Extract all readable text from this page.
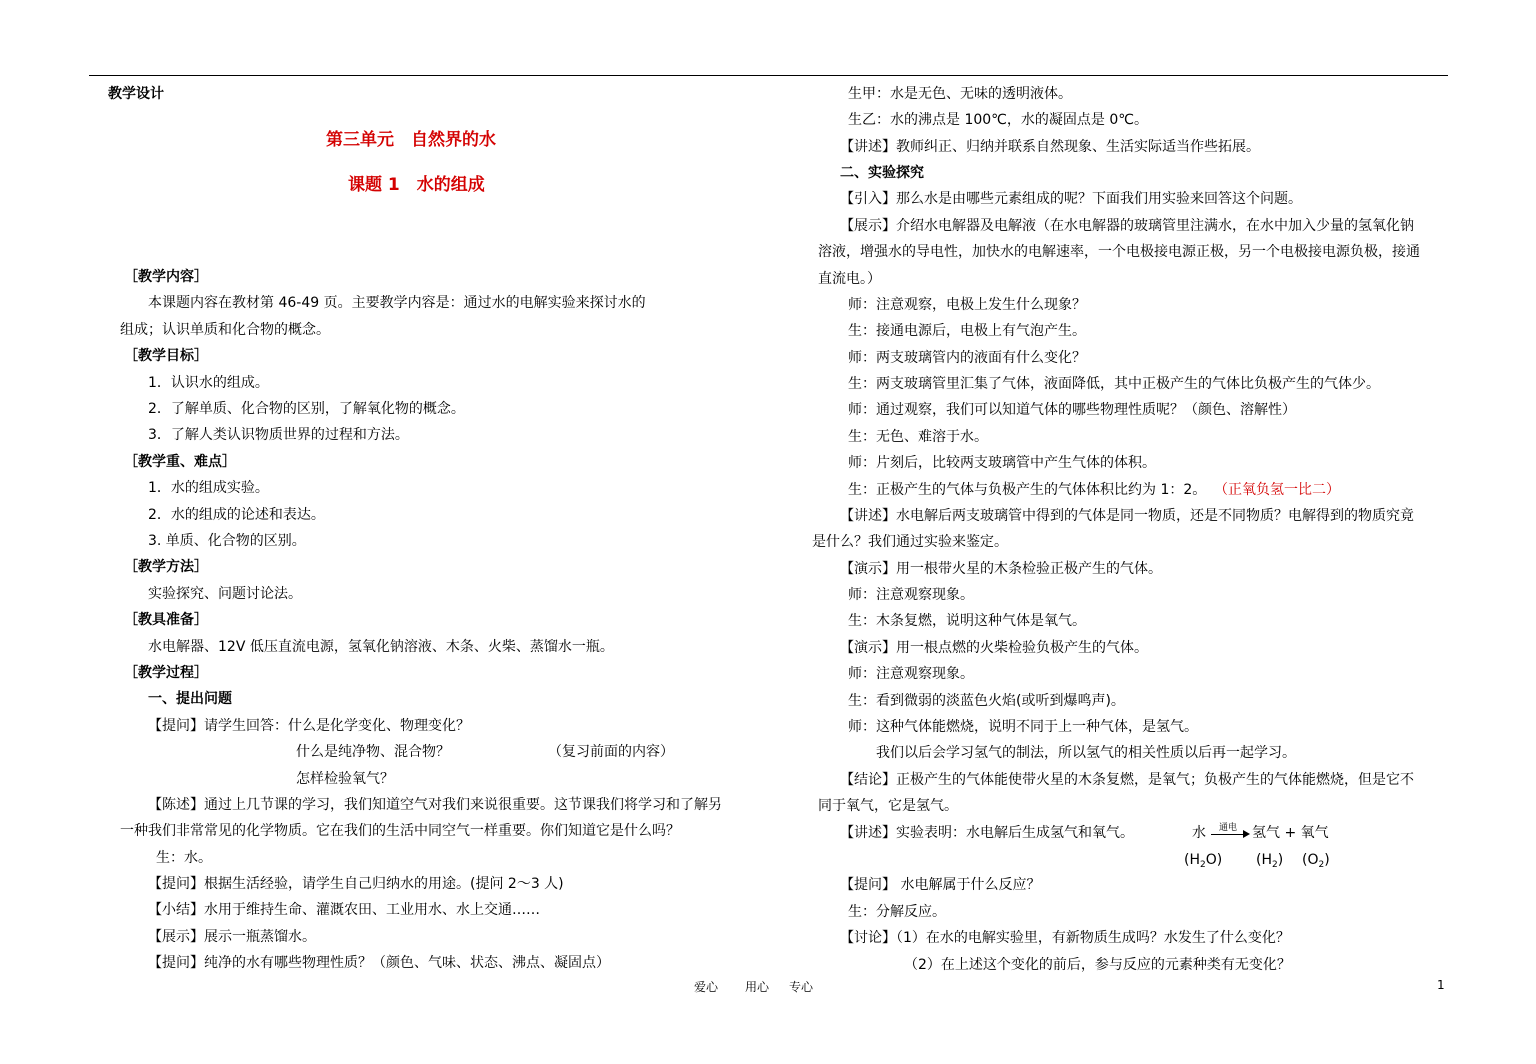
教学设计
第三单元　自然界的水
课题 1　水的组成
［教学内容］
本课题内容在教材第 46-49 页。主要教学内容是：通过水的电解实验来探讨水的
组成；认识单质和化合物的概念。
［教学目标］
1．认识水的组成。
2．了解单质、化合物的区别，了解氧化物的概念。
3．了解人类认识物质世界的过程和方法。
［教学重、难点］
1．水的组成实验。
2．水的组成的论述和表达。
3. 单质、化合物的区别。
［教学方法］
实验探究、问题讨论法。
［教具准备］
水电解器、12V 低压直流电源，氢氧化钠溶液、木条、火柴、蒸馏水一瓶。
［教学过程］
一、提出问题
【提问】请学生回答：什么是化学变化、物理变化？
什么是纯净物、混合物？	（复习前面的内容）
怎样检验氧气？
【陈述】通过上几节课的学习，我们知道空气对我们来说很重要。这节课我们将学习和了解另
一种我们非常常见的化学物质。它在我们的生活中同空气一样重要。你们知道它是什么吗？
生：水。
【提问】根据生活经验，请学生自己归纳水的用途。(提问 2～3 人)
【小结】水用于维持生命、灌溉农田、工业用水、水上交通……
【展示】展示一瓶蒸馏水。
【提问】纯净的水有哪些物理性质？（颜色、气味、状态、沸点、凝固点）
生甲：水是无色、无味的透明液体。
生乙：水的沸点是 100℃，水的凝固点是 0℃。
【讲述】教师纠正、归纳并联系自然现象、生活实际适当作些拓展。
二、实验探究
【引入】那么水是由哪些元素组成的呢？下面我们用实验来回答这个问题。
【展示】介绍水电解器及电解液（在水电解器的玻璃管里注满水，在水中加入少量的氢氧化钠
溶液，增强水的导电性，加快水的电解速率，一个电极接电源正极，另一个电极接电源负极，接通
直流电。）
师：注意观察，电极上发生什么现象？
生：接通电源后，电极上有气泡产生。
师：两支玻璃管内的液面有什么变化？
生：两支玻璃管里汇集了气体，液面降低，其中正极产生的气体比负极产生的气体少。
师：通过观察，我们可以知道气体的哪些物理性质呢？（颜色、溶解性）
生：无色、难溶于水。
师：片刻后，比较两支玻璃管中产生气体的体积。
生：正极产生的气体与负极产生的气体体积比约为 1：2。 （正氧负氢一比二）
【讲述】水电解后两支玻璃管中得到的气体是同一物质，还是不同物质？电解得到的物质究竟
是什么？我们通过实验来鉴定。
【演示】用一根带火星的木条检验正极产生的气体。
师：注意观察现象。
生：木条复燃，说明这种气体是氧气。
【演示】用一根点燃的火柴检验负极产生的气体。
师：注意观察现象。
生：看到微弱的淡蓝色火焰(或听到爆鸣声)。
师：这种气体能燃烧，说明不同于上一种气体，是氢气。
我们以后会学习氢气的制法，所以氢气的相关性质以后再一起学习。
【结论】正极产生的气体能使带火星的木条复燃，是氧气；负极产生的气体能燃烧，但是它不
同于氧气，它是氢气。
【讲述】实验表明：水电解后生成氢气和氧气。	水 通电 氢气 + 氧气
$(H_2O)$ $(H_2)$ $(O_2)$
【提问】 水电解属于什么反应？
生：分解反应。
【讨论】（1）在水的电解实验里，有新物质生成吗？水发生了什么变化？
（2）在上述这个变化的前后，参与反应的元素种类有无变化？
爱心 用心 专心	1
